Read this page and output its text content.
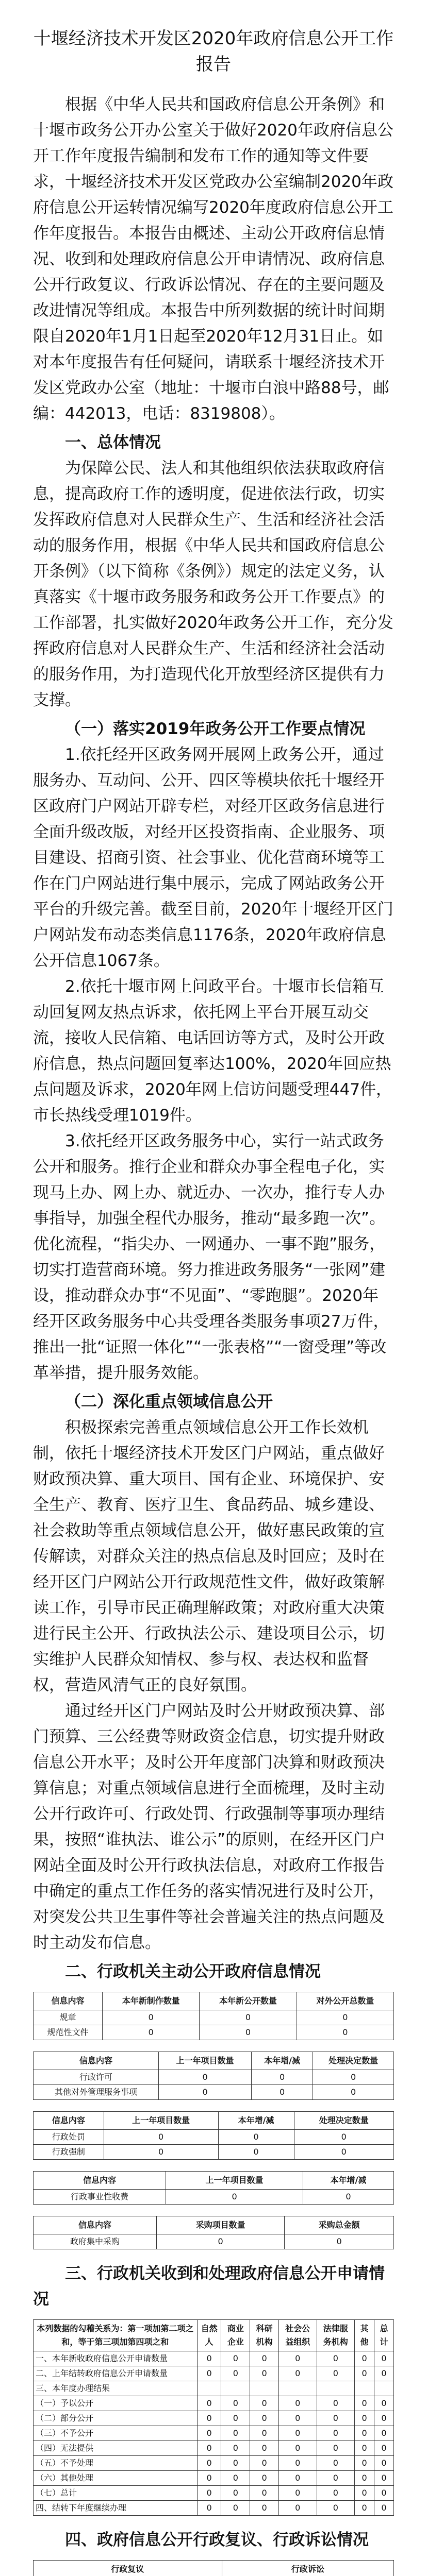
十堰经济技术开发区2020年政府信息公开工作报告

根据《中华人民共和国政府信息公开条例》和十堰市政务公开办公室关于做好2020年政府信息公开工作年度报告编制和发布工作的通知等文件要求，十堰经济技术开发区党政办公室编制2020年政府信息公开运转情况编写2020年度政府信息公开工作年度报告。本报告由概述、主动公开政府信息情况、收到和处理政府信息公开申请情况、政府信息公开行政复议、行政诉讼情况、存在的主要问题及改进情况等组成。本报告中所列数据的统计时间期限自2020年1月1日起至2020年12月31日止。如对本年度报告有任何疑问，请联系十堰经济技术开发区党政办公室（地址：十堰市白浪中路88号，邮编：442013，电话：8319808）。

一、总体情况

为保障公民、法人和其他组织依法获取政府信息，提高政府工作的透明度，促进依法行政，切实发挥政府信息对人民群众生产、生活和经济社会活动的服务作用，根据《中华人民共和国政府信息公开条例》（以下简称《条例》）规定的法定义务，认真落实《十堰市政务服务和政务公开工作要点》的工作部署，扎实做好2020年政务公开工作，充分发挥政府信息对人民群众生产、生活和经济社会活动的服务作用，为打造现代化开放型经济区提供有力支撑。

（一）落实2019年政务公开工作要点情况

1.依托经开区政务网开展网上政务公开，通过服务办、互动问、公开、四区等模块依托十堰经开区政府门户网站开辟专栏，对经开区政务信息进行全面升级改版，对经开区投资指南、企业服务、项目建设、招商引资、社会事业、优化营商环境等工作在门户网站进行集中展示，完成了网站政务公开平台的升级完善。截至目前，2020年十堰经开区门户网站发布动态类信息1176条，2020年政府信息公开信息1067条。

2.依托十堰市网上问政平台。十堰市长信箱互动回复网友热点诉求，依托网上平台开展互动交流，接收人民信箱、电话回访等方式，及时公开政府信息，热点问题回复率达100%，2020年回应热点问题及诉求，2020年网上信访问题受理447件，市长热线受理1019件。

3.依托经开区政务服务中心，实行一站式政务公开和服务。推行企业和群众办事全程电子化，实现马上办、网上办、就近办、一次办，推行专人办事指导，加强全程代办服务，推动“最多跑一次”。优化流程，“指尖办、一网通办、一事不跑”服务，切实打造营商环境。努力推进政务服务“一张网”建设，推动群众办事“不见面”、“零跑腿”。2020年经开区政务服务中心共受理各类服务事项27万件，推出一批“证照一体化”“一张表格”“一窗受理”等改革举措，提升服务效能。

（二）深化重点领域信息公开

积极探索完善重点领域信息公开工作长效机制，依托十堰经济技术开发区门户网站，重点做好财政预决算、重大项目、国有企业、环境保护、安全生产、教育、医疗卫生、食品药品、城乡建设、社会救助等重点领域信息公开，做好惠民政策的宣传解读，对群众关注的热点信息及时回应；及时在经开区门户网站公开行政规范性文件，做好政策解读工作，引导市民正确理解政策；对政府重大决策进行民主公开、行政执法公示、建设项目公示，切实维护人民群众知情权、参与权、表达权和监督权，营造风清气正的良好氛围。

通过经开区门户网站及时公开财政预决算、部门预算、三公经费等财政资金信息，切实提升财政信息公开水平；及时公开年度部门决算和财政预决算信息；对重点领域信息进行全面梳理，及时主动公开行政许可、行政处罚、行政强制等事项办理结果，按照“谁执法、谁公示”的原则，在经开区门户网站全面及时公开行政执法信息，对政府工作报告中确定的重点工作任务的落实情况进行及时公开，对突发公共卫生事件等社会普遍关注的热点问题及时主动发布信息。

二、行政机关主动公开政府信息情况

信息内容	本年新制作数量	本年新公开数量	对外公开总数量
规章	0	0	0
规范性文件	0	0	0
信息内容	上一年项目数量	本年增/减	处理决定数量
行政许可	0	0	0
其他对外管理服务事项	0	0	0
信息内容	上一年项目数量	本年增/减	处理决定数量
行政处罚	0	0	0
行政强制	0	0	0
信息内容	上一年项目数量	本年增/减
行政事业性收费	0	0
信息内容	采购项目数量	采购总金额
政府集中采购	0	0

三、行政机关收到和处理政府信息公开申请情况

本列数据的勾稽关系为：第一项加第二项之和，等于第三项加第四项之和	自然人	商业企业	科研机构	社会公益组织	法律服务机构	其他	总计
一、本年新收政府信息公开申请数量	0	0	0	0	0	0	0
二、上年结转政府信息公开申请数量	0	0	0	0	0	0	0
三、本年度办理结果							
（一）予以公开	0	0	0	0	0	0	0
（二）部分公开	0	0	0	0	0	0	0
（三）不予公开	0	0	0	0	0	0	0
（四）无法提供	0	0	0	0	0	0	0
（五）不予处理	0	0	0	0	0	0	0
（六）其他处理	0	0	0	0	0	0	0
（七）总计	0	0	0	0	0	0	0
四、结转下年度继续办理	0	0	0	0	0	0	0

四、政府信息公开行政复议、行政诉讼情况

行政复议					行政诉讼	
